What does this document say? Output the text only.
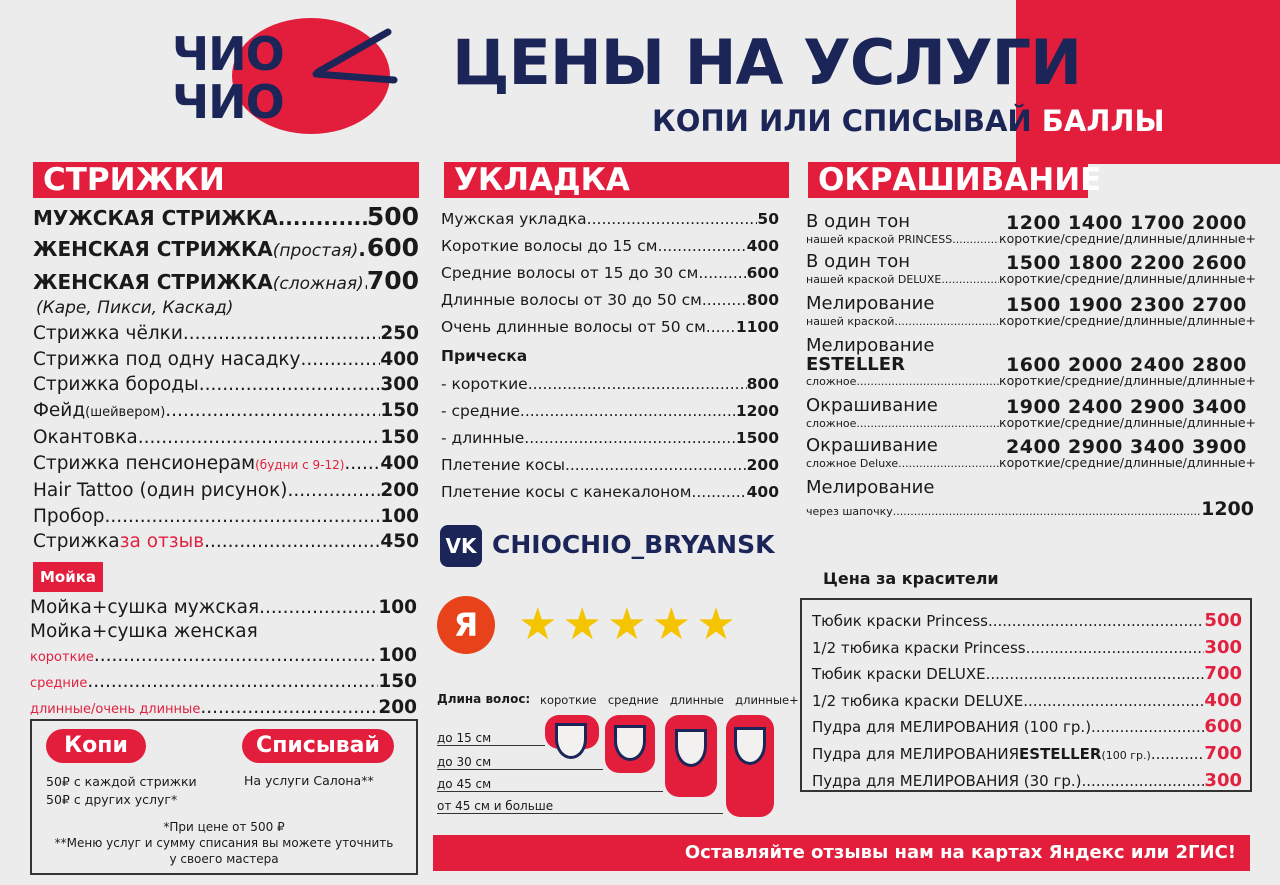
ЧИО
ЧИО
ЦЕНЫ НА УСЛУГИ
КОПИ ИЛИ СПИСЫВАЙ БАЛЛЫ
СТРИЖКИ	УКЛАДКА	ОКРАШИВАНИЕ
МУЖСКАЯ СТРИЖКА .....	500
ЖЕНСКАЯ СТРИЖКА (простая) ..... 600
ЖЕНСКАЯ СТРИЖКА (сложная) ..... 700
(Каре, Пикси, Каскад)
Стрижка чёлки .....	250
Стрижка под одну насадку .....	400
Стрижка бороды .....	300
Фейд (шейвером) .....	150
Окантовка .....	150
Стрижка пенсионерам (будни с 9-12) ..... 400
Hair Tattoo (один рисунок) .....	200
Пробор .....	100
Стрижка за отзыв .....	450
Мойка
Мойка+сушка мужская .....	100
Мойка+сушка женская
короткие .....	100
средние .....	150
длинные/очень длинные .....	200
Копи	Списывай
50₽ с каждой стрижки
50₽ с других услуг*
На услуги Салона**
*При цене от 500 ₽
**Меню услуг и сумму списания вы можете уточнить
у своего мастера
Мужская укладка .....	50
Короткие волосы до 15 см .....	400
Средние волосы от 15 до 30 см .....	600
Длинные волосы от 30 до 50 см .....	800
Очень длинные волосы от 50 см ..... 1100
Прическа
- короткие .....	800
- средние .....	1200
- длинные .....	1500
Плетение косы .....	200
Плетение косы с канекалоном .....	400
VK CHIOCHIO_BRYANSK
Я ★ ★ ★ ★ ★
Длина волос: короткие средние длинные длинные+
до 15 см
до 30 см
до 45 см
от 45 см и больше
В один тон	1200 1400 1700 2000
нашей краской PRINCESS .....	короткие/средние/длинные/длинные+
В один тон	1500 1800 2200 2600
нашей краской DELUXE .....	короткие/средние/длинные/длинные+
Мелирование	1500 1900 2300 2700
нашей краской .....	короткие/средние/длинные/длинные+
Мелирование
ESTELLER	1600 2000 2400 2800
сложное .....	короткие/средние/длинные/длинные+
Окрашивание	1900 2400 2900 3400
сложное .....	короткие/средние/длинные/длинные+
Окрашивание	2400 2900 3400 3900
сложное Deluxe .....	короткие/средние/длинные/длинные+
Мелирование
через шапочку .....	1200
Цена за красители
Тюбик краски Princess .....	500
1/2 тюбика краски Princess .....	300
Тюбик краски DELUXE .....	700
1/2 тюбика краски DELUXE .....	400
Пудра для МЕЛИРОВАНИЯ (100 гр.) .....	600
Пудра для МЕЛИРОВАНИЯ ESTELLER (100 гр.) .....	700
Пудра для МЕЛИРОВАНИЯ (30 гр.) .....	300
Оставляйте отзывы нам на картах Яндекс или 2ГИС!
